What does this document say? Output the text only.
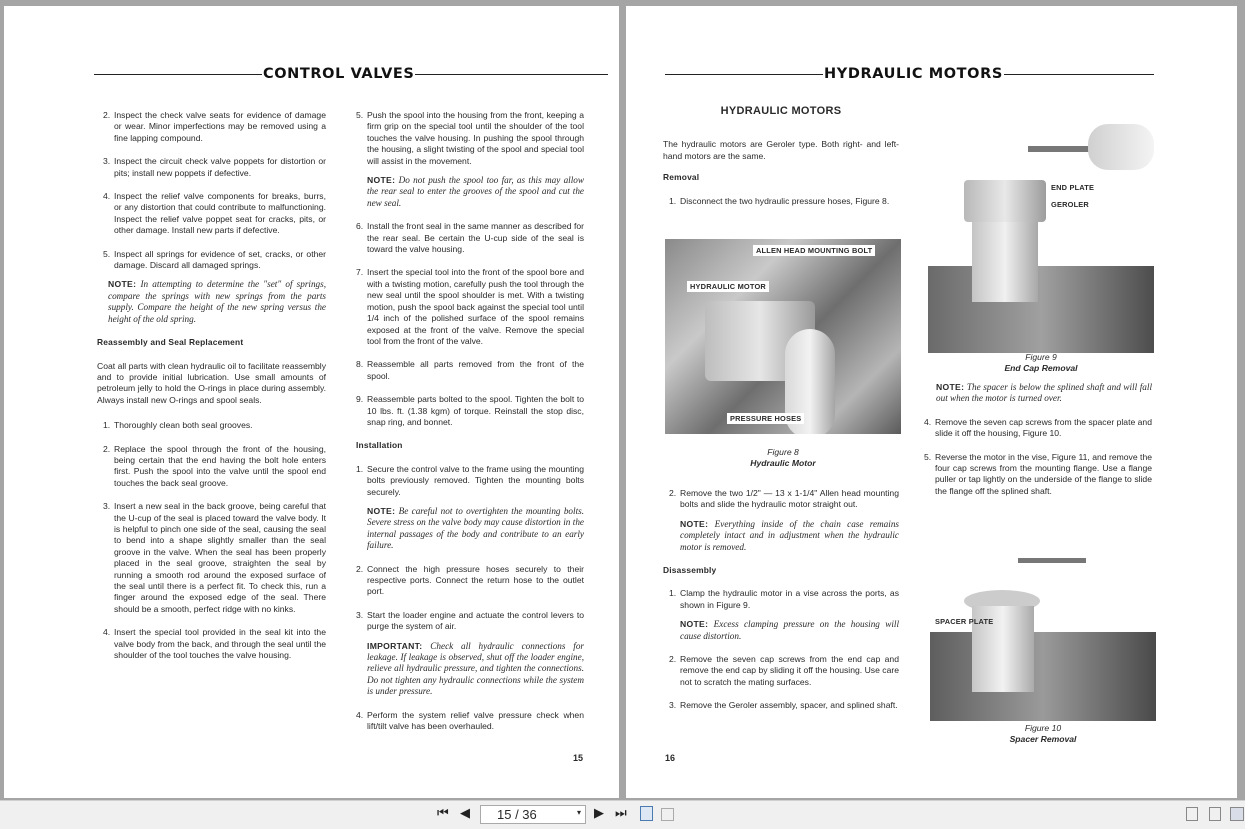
CONTROL VALVES
2. Inspect the check valve seats for evidence of damage or wear. Minor imperfections may be removed using a fine lapping compound.
3. Inspect the circuit check valve poppets for distortion or pits; install new poppets if defective.
4. Inspect the relief valve components for breaks, burrs, or any distortion that could contribute to malfunctioning. Inspect the relief valve poppet seat for cracks, pits, or other damage. Install new parts if defective.
5. Inspect all springs for evidence of set, cracks, or other damage. Discard all damaged springs.
NOTE: In attempting to determine the "set" of springs, compare the springs with new springs from the parts supply. Compare the height of the new spring versus the height of the old spring.
Reassembly and Seal Replacement
Coat all parts with clean hydraulic oil to facilitate reassembly and to provide initial lubrication. Use small amounts of petroleum jelly to hold the O-rings in place during assembly. Always install new O-rings and spool seals.
1. Thoroughly clean both seal grooves.
2. Replace the spool through the front of the housing, being certain that the end having the bolt hole enters first. Push the spool into the valve until the spool end touches the back seal groove.
3. Insert a new seal in the back groove, being careful that the U-cup of the seal is placed toward the valve body. It is helpful to pinch one side of the seal, causing the seal to bend into a shape slightly smaller than the seal groove in the valve. When the seal has been properly placed in the seal groove, straighten the seal by running a smooth rod around the exposed surface of the seal until there is a perfect fit. To check this, run a finger around the exposed edge of the seal. There should be a smooth, perfect ridge with no kinks.
4. Insert the special tool provided in the seal kit into the valve body from the back, and through the seal until the shoulder of the tool touches the valve housing.
5. Push the spool into the housing from the front, keeping a firm grip on the special tool until the shoulder of the tool touches the valve housing. In pushing the spool through the housing, a slight twisting of the spool and special tool will assist in the movement.
NOTE: Do not push the spool too far, as this may allow the rear seal to enter the grooves of the spool and cut the new seal.
6. Install the front seal in the same manner as described for the rear seal. Be certain the U-cup side of the seal is toward the valve housing.
7. Insert the special tool into the front of the spool bore and with a twisting motion, carefully push the tool through the new seal until the spool shoulder is met. With a twisting motion, push the spool back against the special tool until 1/4 inch of the polished surface of the spool remains exposed at the front of the valve. Remove the special tool from the front of the valve.
8. Reassemble all parts removed from the front of the spool.
9. Reassemble parts bolted to the spool. Tighten the bolt to 10 lbs. ft. (1.38 kgm) of torque. Reinstall the stop disc, snap ring, and bonnet.
Installation
1. Secure the control valve to the frame using the mounting bolts previously removed. Tighten the mounting bolts securely.
NOTE: Be careful not to overtighten the mounting bolts. Severe stress on the valve body may cause distortion in the internal passages of the body and contribute to an early failure.
2. Connect the high pressure hoses securely to their respective ports. Connect the return hose to the outlet port.
3. Start the loader engine and actuate the control levers to purge the system of air.
IMPORTANT: Check all hydraulic connections for leakage. If leakage is observed, shut off the loader engine, relieve all hydraulic pressure, and tighten the connections. Do not tighten any hydraulic connections while the system is under pressure.
4. Perform the system relief valve pressure check when lift/tilt valve has been overhauled.
15
HYDRAULIC MOTORS
HYDRAULIC MOTORS
The hydraulic motors are Geroler type. Both right- and left-hand motors are the same.
Removal
1. Disconnect the two hydraulic pressure hoses, Figure 8.
ALLEN HEAD MOUNTING BOLT
HYDRAULIC MOTOR
PRESSURE HOSES
Figure 8
Hydraulic Motor
2. Remove the two 1/2" — 13 x 1-1/4" Allen head mounting bolts and slide the hydraulic motor straight out.
NOTE: Everything inside of the chain case remains completely intact and in adjustment when the hydraulic motor is removed.
Disassembly
1. Clamp the hydraulic motor in a vise across the ports, as shown in Figure 9.
NOTE: Excess clamping pressure on the housing will cause distortion.
2. Remove the seven cap screws from the end cap and remove the end cap by sliding it off the housing. Use care not to scratch the mating surfaces.
3. Remove the Geroler assembly, spacer, and splined shaft.
16
END PLATE
GEROLER
Figure 9
End Cap Removal
NOTE: The spacer is below the splined shaft and will fall out when the motor is turned over.
4. Remove the seven cap screws from the spacer plate and slide it off the housing, Figure 10.
5. Reverse the motor in the vise, Figure 11, and remove the four cap screws from the mounting flange. Use a flange puller or tap lightly on the underside of the flange to slide the flange off the splined shaft.
SPACER PLATE
Figure 10
Spacer Removal
⏮ ◀ 15 / 36	▾ ▶ ⏭
